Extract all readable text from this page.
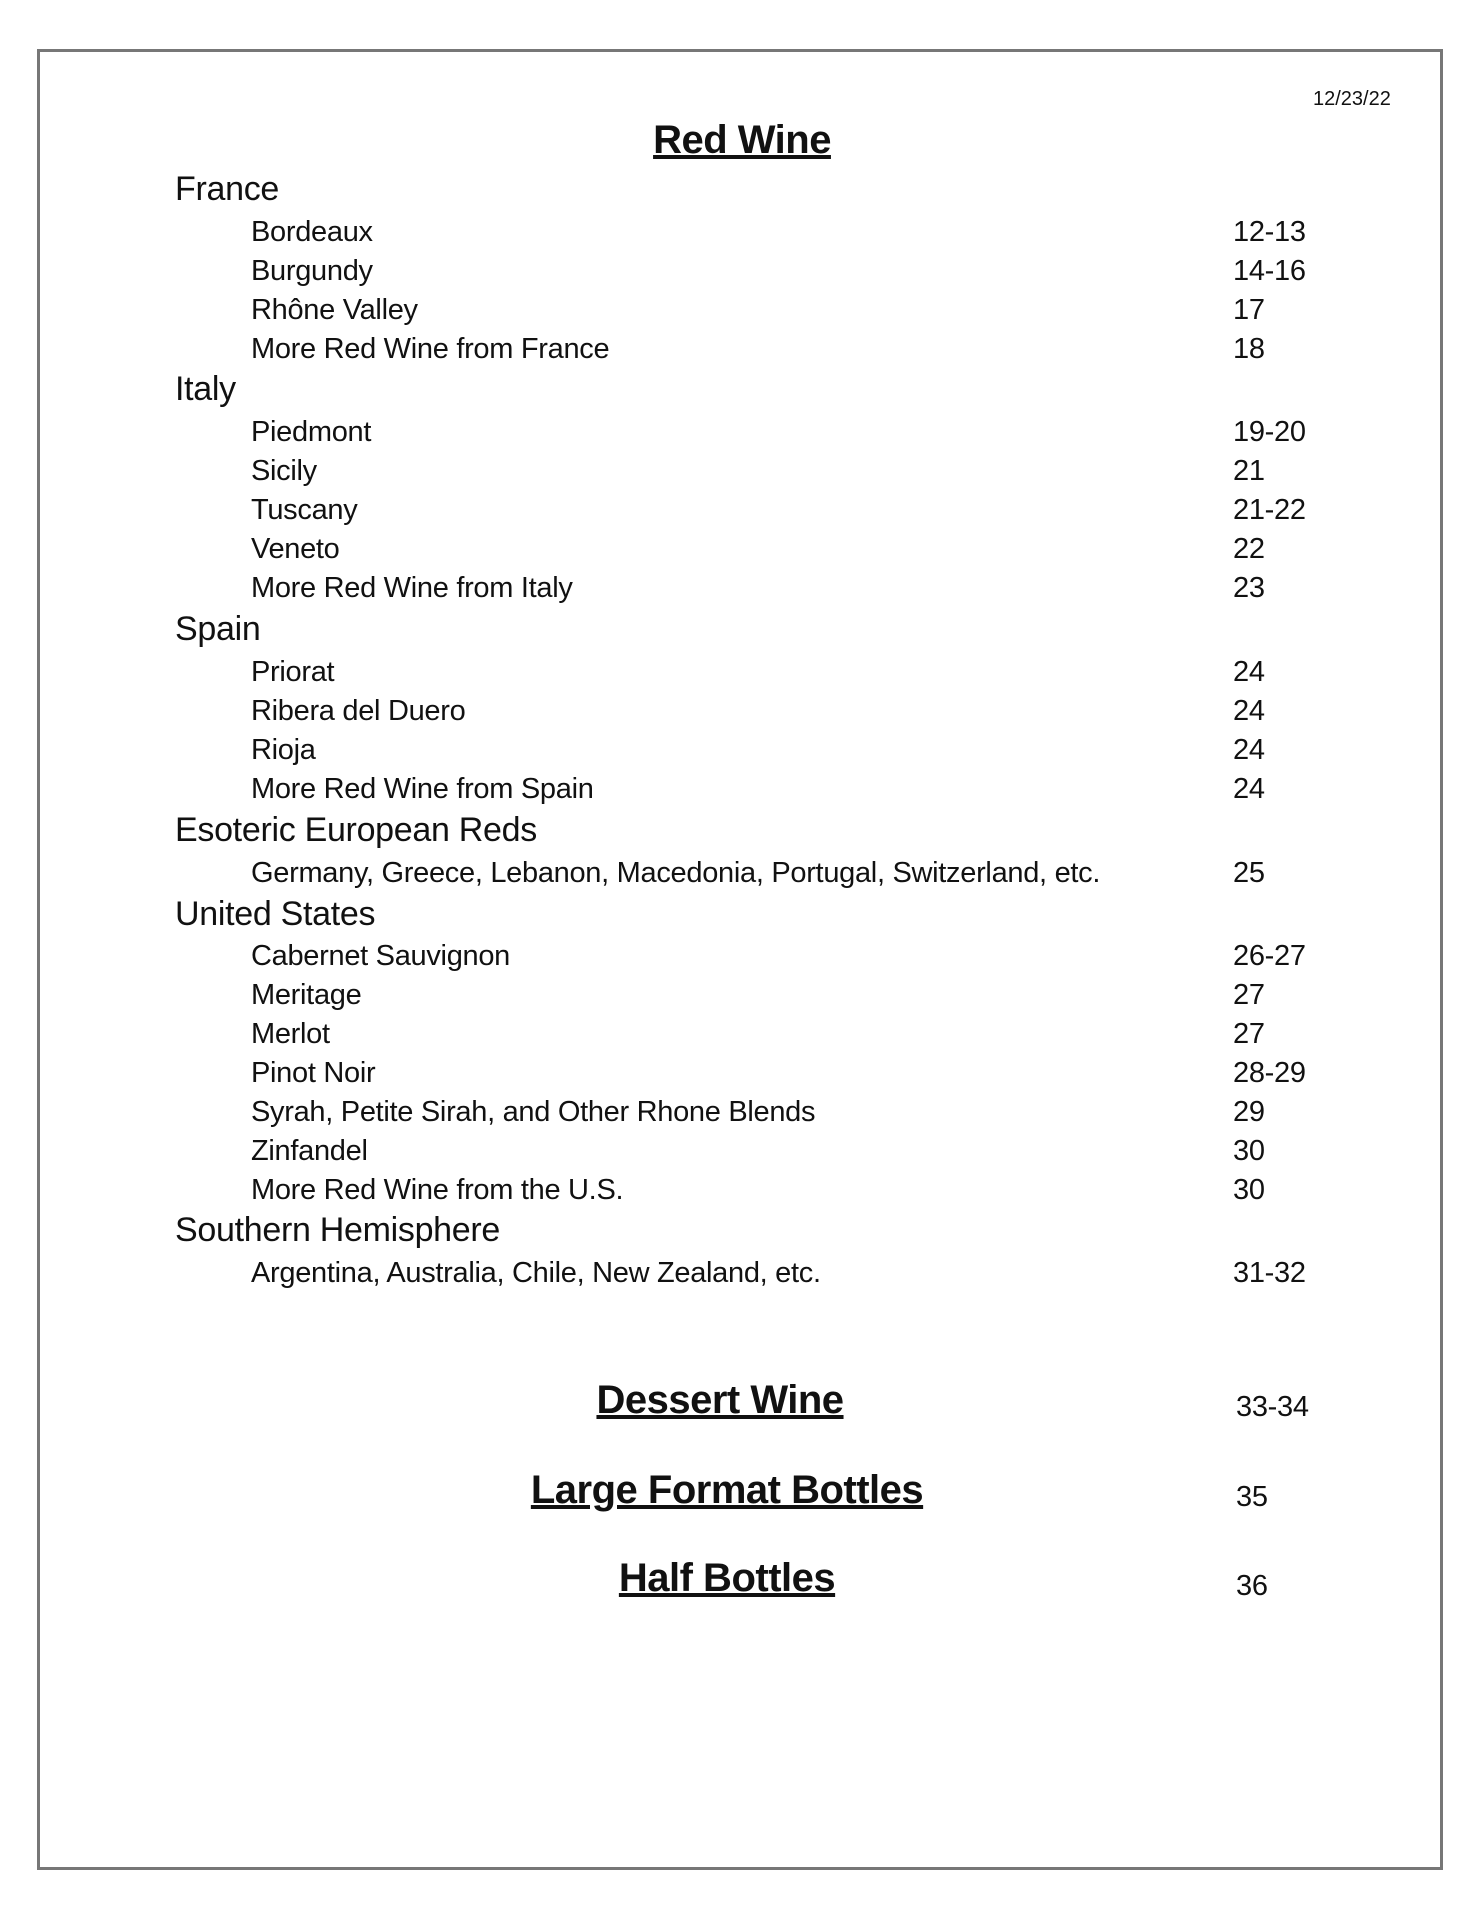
12/23/22
Red Wine
France
Bordeaux	12-13
Burgundy	14-16
Rhône Valley	17
More Red Wine from France	18
Italy
Piedmont	19-20
Sicily	21
Tuscany	21-22
Veneto	22
More Red Wine from Italy	23
Spain
Priorat	24
Ribera del Duero	24
Rioja	24
More Red Wine from Spain	24
Esoteric European Reds
Germany, Greece, Lebanon, Macedonia, Portugal, Switzerland, etc.	25
United States
Cabernet Sauvignon	26-27
Meritage	27
Merlot	27
Pinot Noir	28-29
Syrah, Petite Sirah, and Other Rhone Blends	29
Zinfandel	30
More Red Wine from the U.S.	30
Southern Hemisphere
Argentina, Australia, Chile, New Zealand, etc.	31-32
Dessert Wine	33-34
Large Format Bottles	35
Half Bottles	36
